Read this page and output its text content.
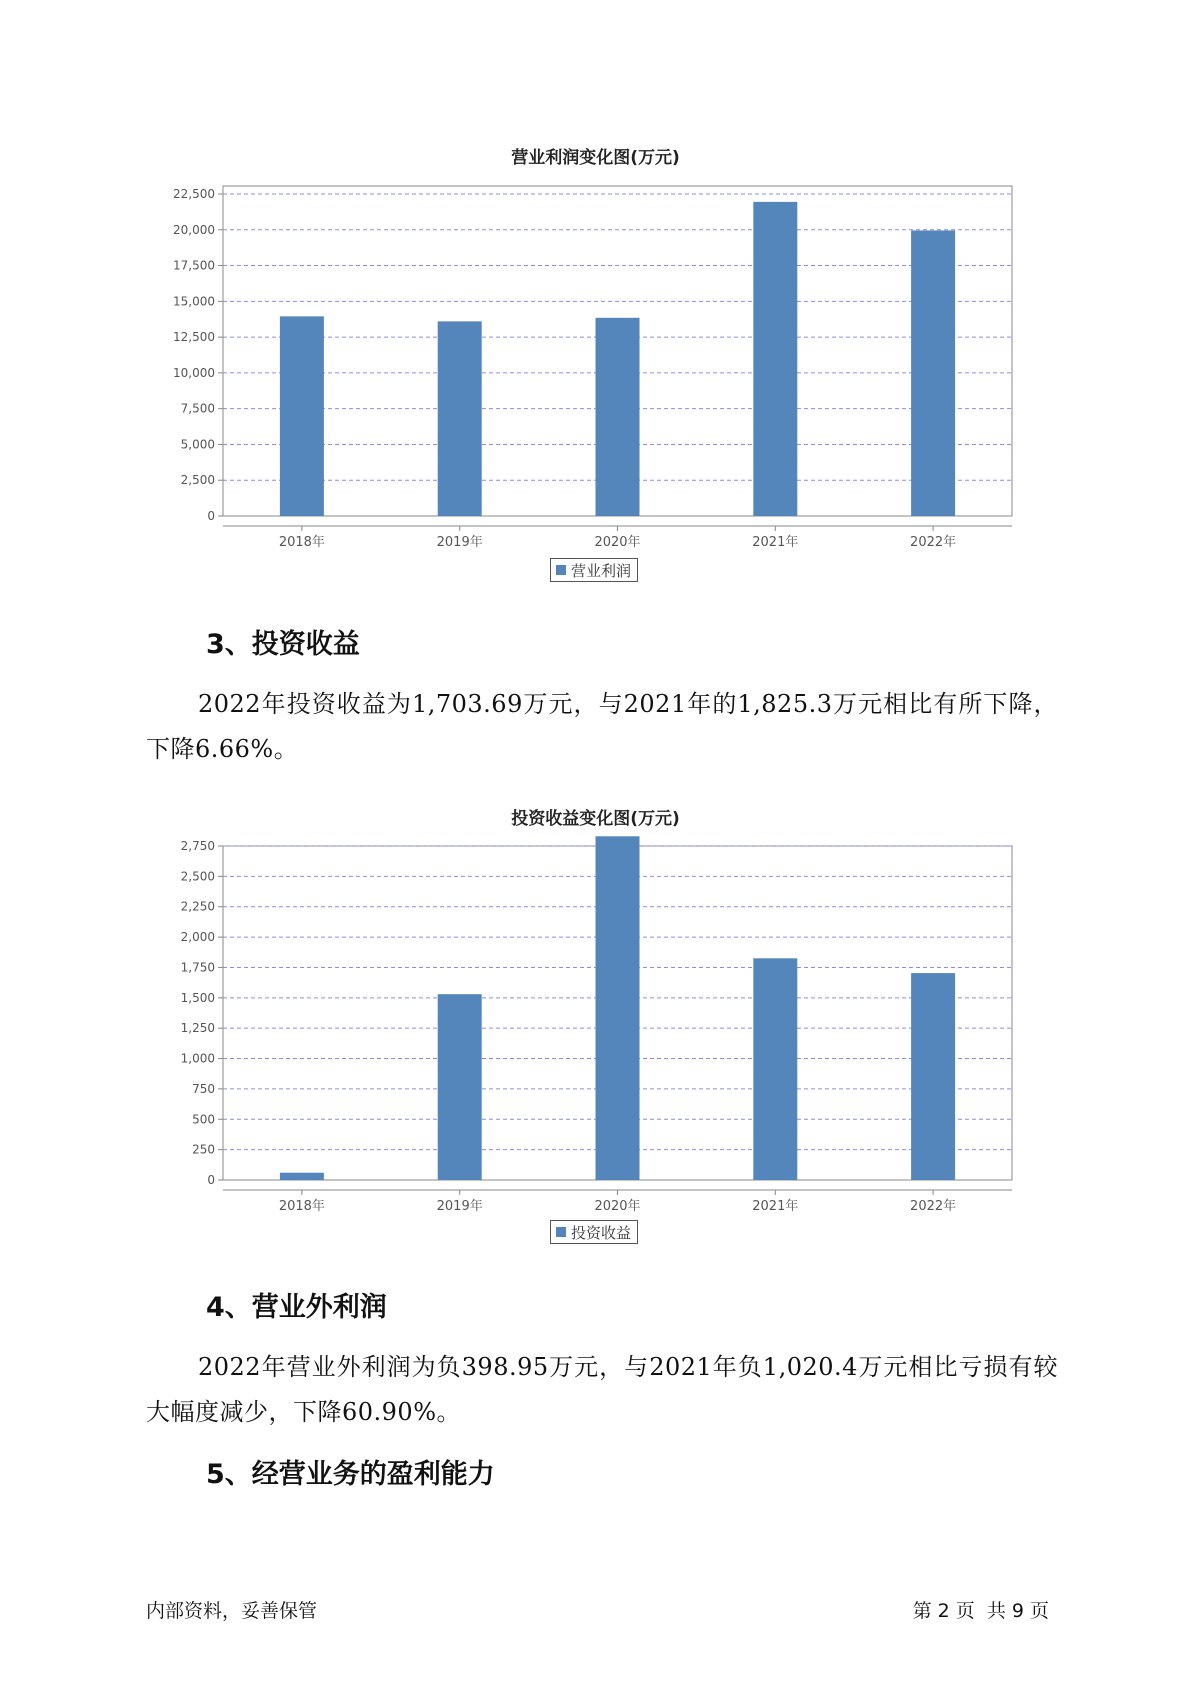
营业利润变化图(万元)
0
2,500
5,000
7,500
10,000
12,500
15,000
17,500
20,000
22,500
2018年	2019年	2020年	2021年	2022年
营业利润
3、投资收益
2022年投资收益为1,703.69万元，与2021年的1,825.3万元相比有所下降，下降6.66%。
投资收益变化图(万元)
0
250
500
750
1,000
1,250
1,500
1,750
2,000
2,250
2,500
2,750
2018年	2019年	2020年	2021年	2022年
投资收益
4、营业外利润
2022年营业外利润为负398.95万元，与2021年负1,020.4万元相比亏损有较大幅度减少，下降60.90%。
5、经营业务的盈利能力
内部资料，妥善保管	第 2 页  共 9 页
